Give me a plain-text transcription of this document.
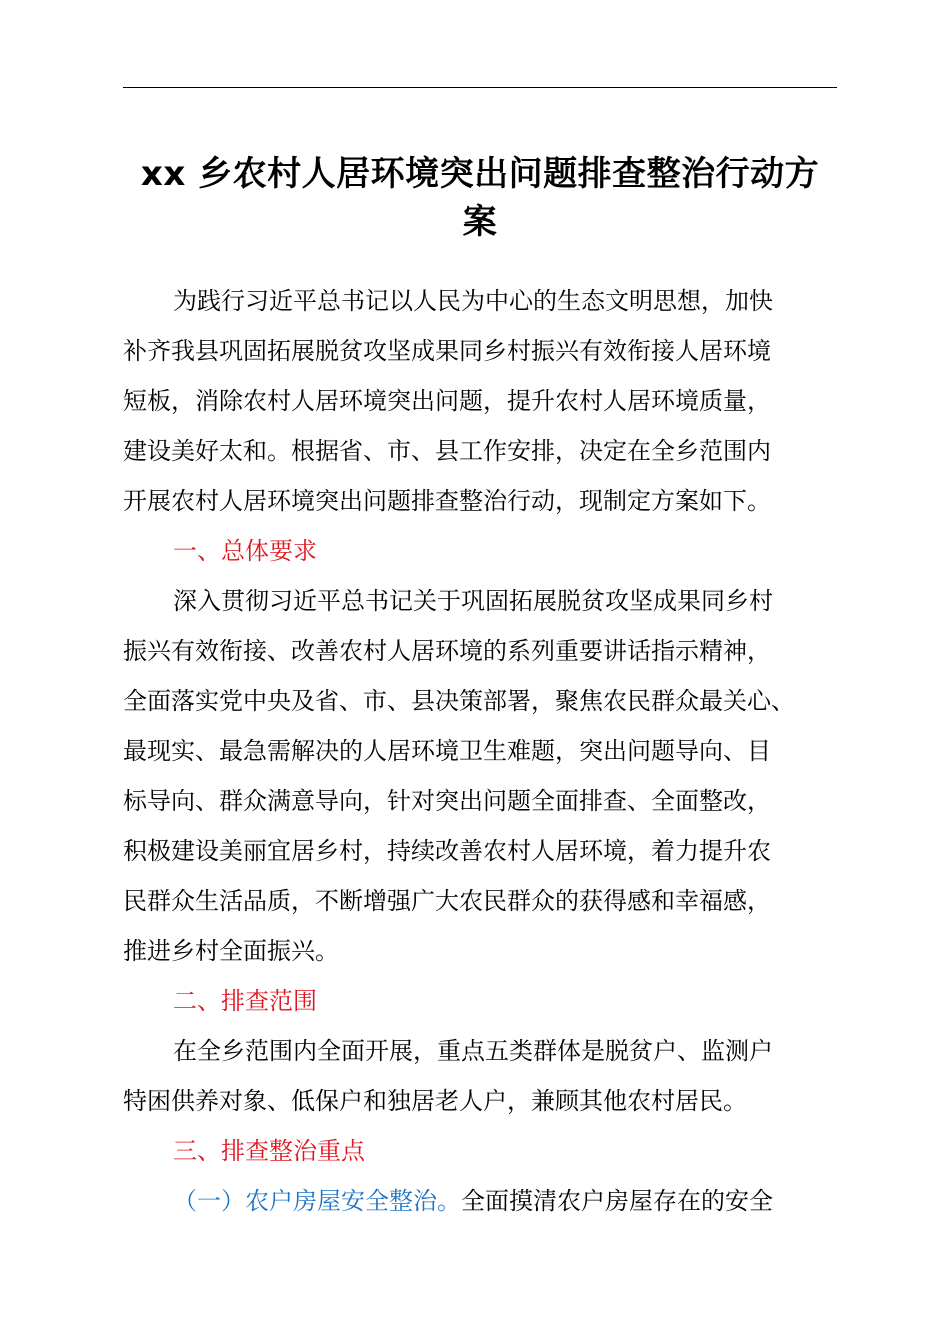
xx 乡农村人居环境突出问题排查整治行动方
案
为践行习近平总书记以人民为中心的生态文明思想，加快
补齐我县巩固拓展脱贫攻坚成果同乡村振兴有效衔接人居环境
短板，消除农村人居环境突出问题，提升农村人居环境质量，
建设美好太和。根据省、市、县工作安排，决定在全乡范围内
开展农村人居环境突出问题排查整治行动，现制定方案如下。
一、总体要求
深入贯彻习近平总书记关于巩固拓展脱贫攻坚成果同乡村
振兴有效衔接、改善农村人居环境的系列重要讲话指示精神，
全面落实党中央及省、市、县决策部署，聚焦农民群众最关心、
最现实、最急需解决的人居环境卫生难题，突出问题导向、目
标导向、群众满意导向，针对突出问题全面排查、全面整改，
积极建设美丽宜居乡村，持续改善农村人居环境，着力提升农
民群众生活品质，不断增强广大农民群众的获得感和幸福感，
推进乡村全面振兴。
二、排查范围
在全乡范围内全面开展，重点五类群体是脱贫户、监测户
特困供养对象、低保户和独居老人户，兼顾其他农村居民。
三、排查整治重点
（一）农户房屋安全整治。全面摸清农户房屋存在的安全
